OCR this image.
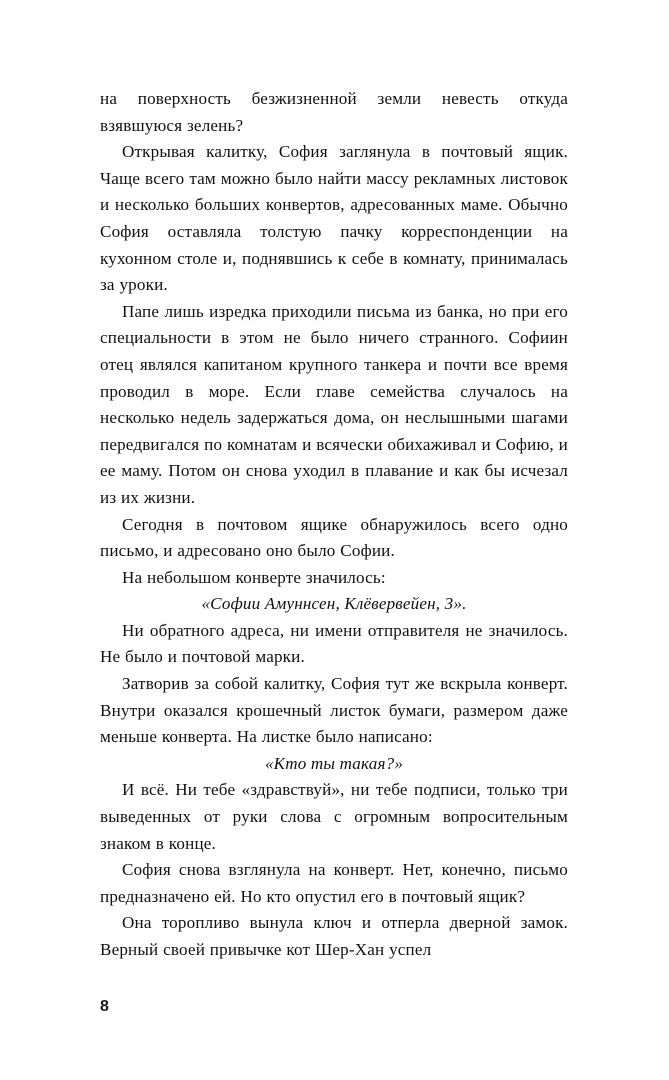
на поверхность безжизненной земли невесть откуда взявшуюся зелень?

Открывая калитку, София заглянула в почтовый ящик. Чаще всего там можно было найти массу рекламных листовок и несколько больших конвертов, адресованных маме. Обычно София оставляла толстую пачку корреспонденции на кухонном столе и, поднявшись к себе в комнату, принималась за уроки.

Папе лишь изредка приходили письма из банка, но при его специальности в этом не было ничего странного. Софиин отец являлся капитаном крупного танкера и почти все время проводил в море. Если главе семейства случалось на несколько недель задержаться дома, он неслышными шагами передвигался по комнатам и всячески обихаживал и Софию, и ее маму. Потом он снова уходил в плавание и как бы исчезал из их жизни.

Сегодня в почтовом ящике обнаружилось всего одно письмо, и адресовано оно было Софии.

На небольшом конверте значилось:

«Софии Амуннсен, Клёвервейен, 3».

Ни обратного адреса, ни имени отправителя не значилось. Не было и почтовой марки.

Затворив за собой калитку, София тут же вскрыла конверт. Внутри оказался крошечный листок бумаги, размером даже меньше конверта. На листке было написано:

«Кто ты такая?»

И всё. Ни тебе «здравствуй», ни тебе подписи, только три выведенных от руки слова с огромным вопросительным знаком в конце.

София снова взглянула на конверт. Нет, конечно, письмо предназначено ей. Но кто опустил его в почтовый ящик?

Она торопливо вынула ключ и отперла дверной замок. Верный своей привычке кот Шер-Хан успел

8
